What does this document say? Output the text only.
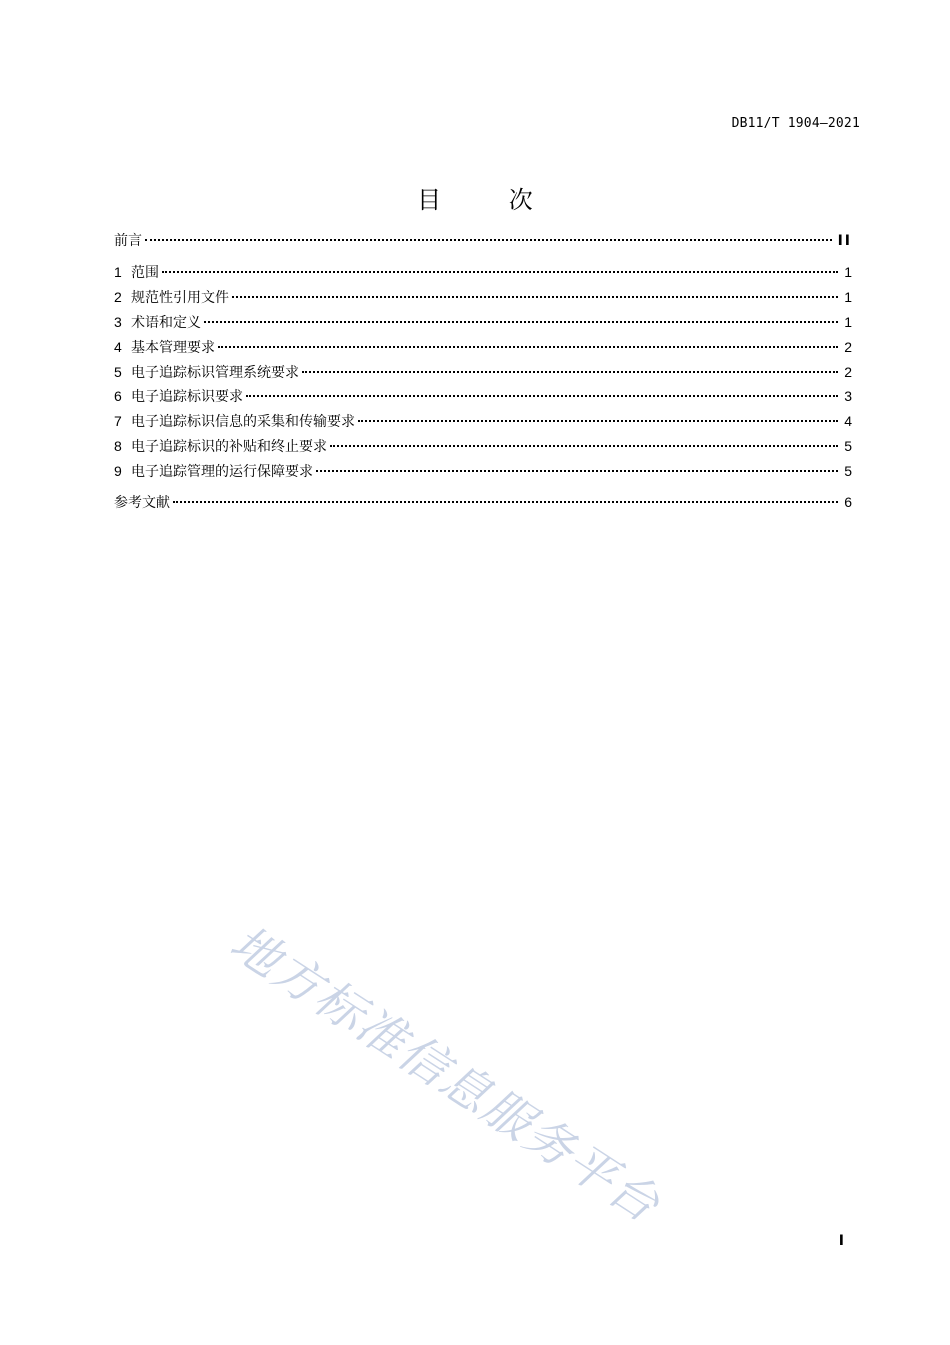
DB11/T 1904—2021
目 次
前言	II
1 范围	1
2 规范性引用文件	1
3 术语和定义	1
4 基本管理要求	2
5 电子追踪标识管理系统要求	2
6 电子追踪标识要求	3
7 电子追踪标识信息的采集和传输要求	4
8 电子追踪标识的补贴和终止要求	5
9 电子追踪管理的运行保障要求	5
参考文献	6
地方标准信息服务平台
I
